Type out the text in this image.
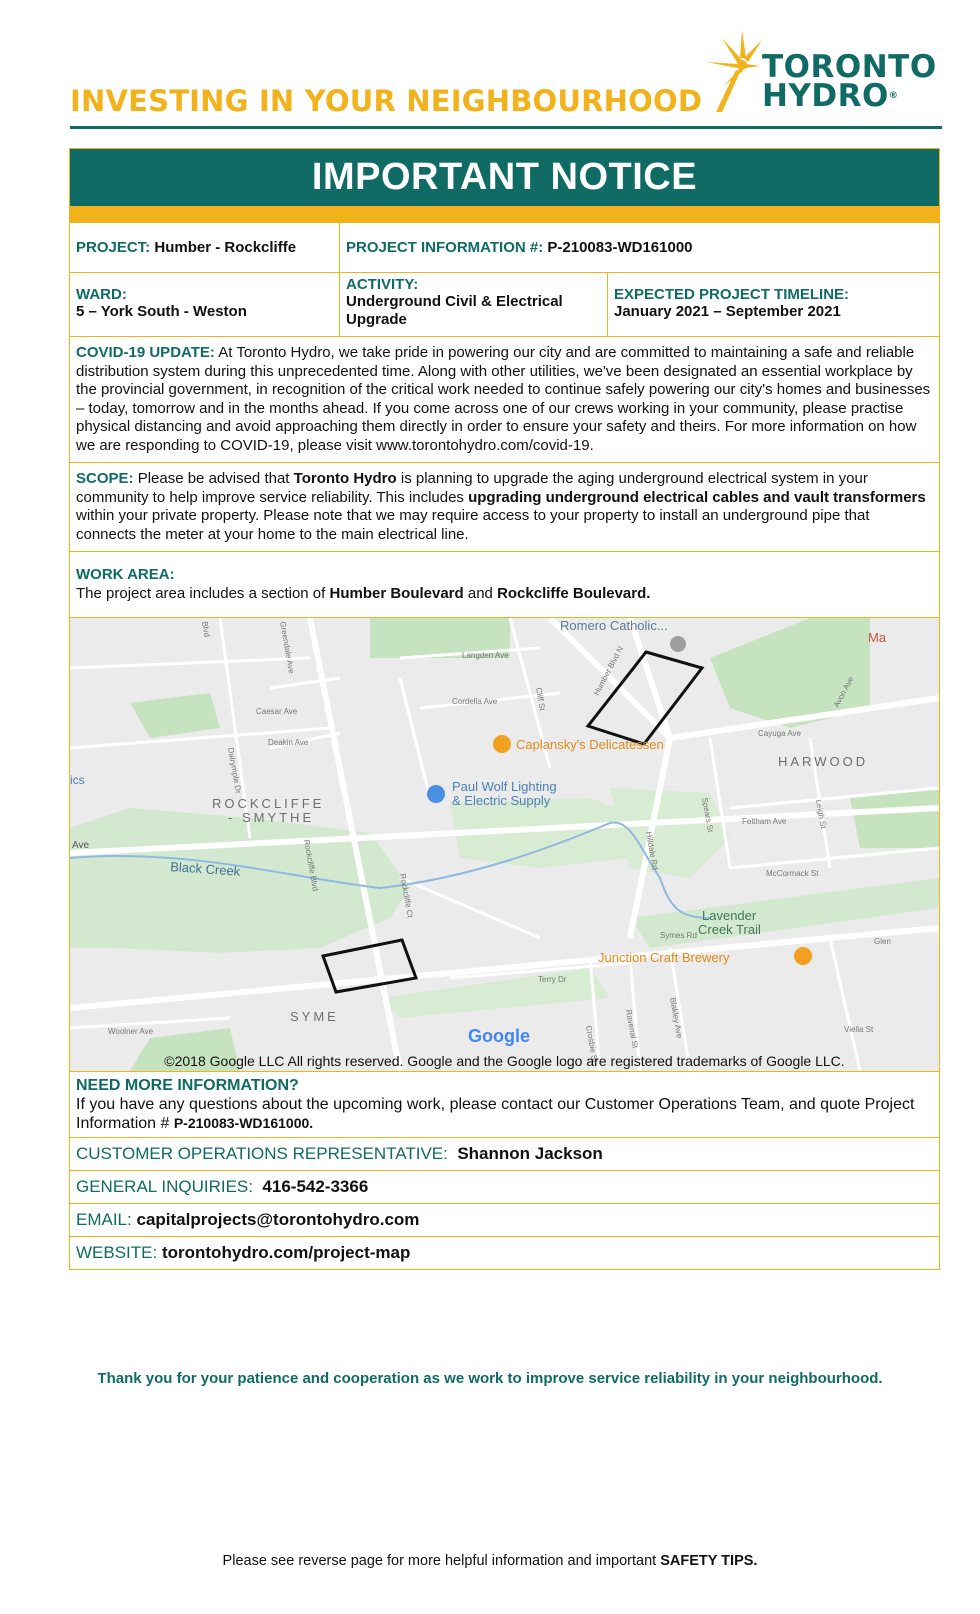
INVESTING IN YOUR NEIGHBOURHOOD
TORONTO
HYDRO®
IMPORTANT NOTICE
PROJECT: Humber - Rockcliffe	PROJECT INFORMATION #:
P-210083-WD161000
WARD:
5 – York South - Weston
ACTIVITY:
Underground Civil & Electrical Upgrade
EXPECTED PROJECT TIMELINE:
January 2021 – September 2021
COVID-19 UPDATE: At Toronto Hydro, we take pride in powering our city and are committed to maintaining a safe and reliable distribution system during this unprecedented time. Along with other utilities, we've been designated an essential workplace by the provincial government, in recognition of the critical work needed to continue safely powering our city's homes and businesses – today, tomorrow and in the months ahead. If you come across one of our crews working in your community, please practise physical distancing and avoid approaching them directly in order to ensure your safety and theirs. For more information on how we are responding to COVID-19, please visit www.torontohydro.com/covid-19.
SCOPE: Please be advised that Toronto Hydro is planning to upgrade the aging underground electrical system in your community to help improve service reliability. This includes upgrading underground electrical cables and vault transformers within your private property. Please note that we may require access to your property to install an underground pipe that connects the meter at your home to the main electrical line.
WORK AREA:
The project area includes a section of Humber Boulevard and Rockcliffe Boulevard.
Romero Catholic...
Ma
Caplansky's Delicatessen
Paul Wolf Lighting
& Electric Supply
ROCKCLIFFE
- SMYTHE
HARWOOD
Black Creek
Lavender
Creek Trail
Junction Craft Brewery
SYME
Google
ics
Ave
Langden Ave
Cordella Ave
Caesar Ave
Deakin Ave
Dalrymple Dr
Greendale Ave	Humber Blvd N
Cliff St
Rockcliffe Blvd
Rockcliffe Ct
Hilldale Rd
Spears St	Feltham Ave	Leigh St
Cayuga Ave
Avon Ave
McCormack St
Symes Rd
Terry Dr
Woolner Ave	Crosbie St	Ravenal St	Blakley Ave	Viella St
Glen
Blvd
©2018 Google LLC All rights reserved. Google and the Google logo are registered trademarks of Google LLC.
NEED MORE INFORMATION?
If you have any questions about the upcoming work, please contact our Customer Operations Team, and quote Project Information # P-210083-WD161000.
CUSTOMER OPERATIONS REPRESENTATIVE: Shannon Jackson
GENERAL INQUIRIES: 416-542-3366
EMAIL: capitalprojects@torontohydro.com
WEBSITE: torontohydro.com/project-map
Thank you for your patience and cooperation as we work to improve service reliability in your neighbourhood.
Please see reverse page for more helpful information and important SAFETY TIPS.
